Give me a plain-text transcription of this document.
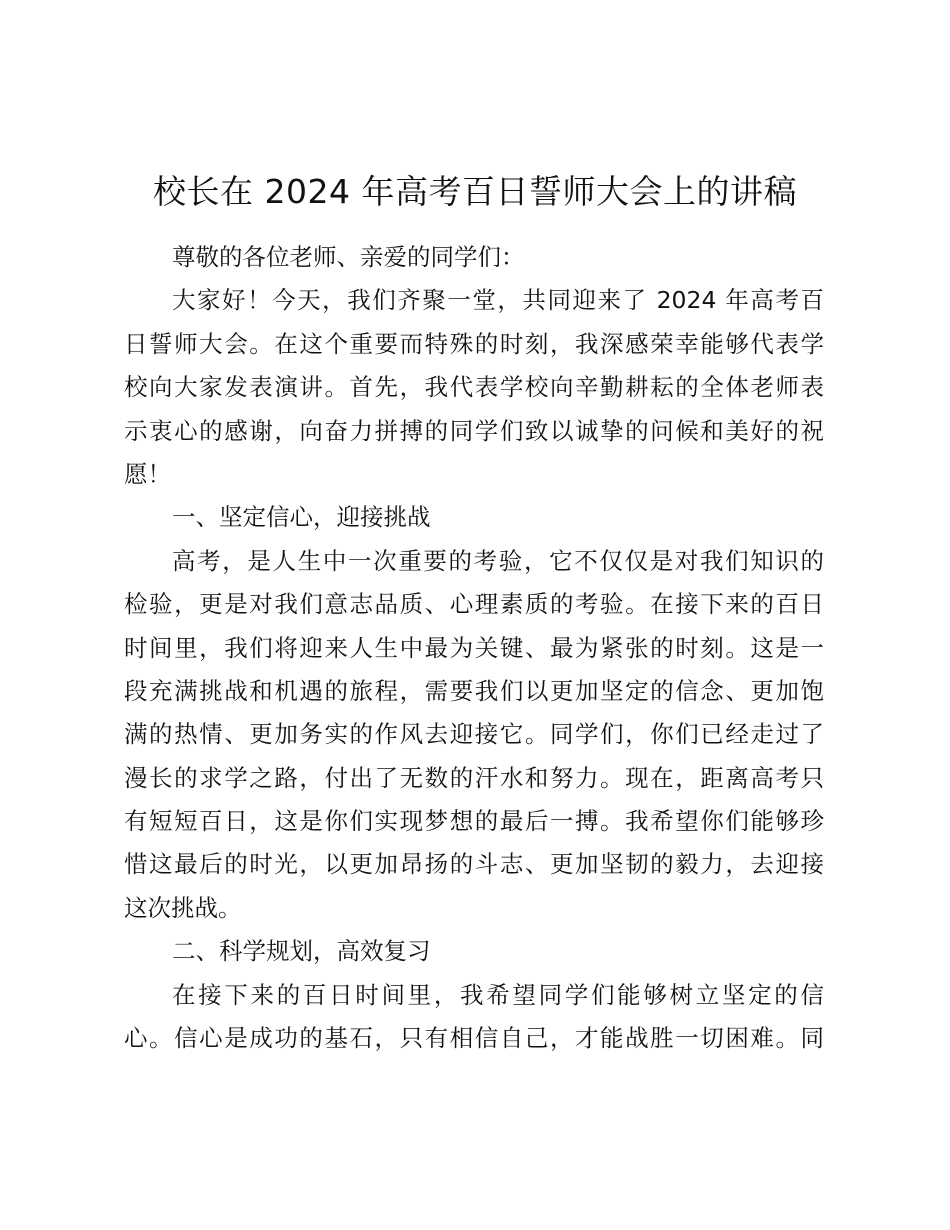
校长在 2024 年高考百日誓师大会上的讲稿
尊敬的各位老师、亲爱的同学们：
大家好！今天，我们齐聚一堂，共同迎来了 2024 年高考百
日誓师大会。在这个重要而特殊的时刻，我深感荣幸能够代表学
校向大家发表演讲。首先，我代表学校向辛勤耕耘的全体老师表
示衷心的感谢，向奋力拼搏的同学们致以诚挚的问候和美好的祝
愿！
一、坚定信心，迎接挑战
高考，是人生中一次重要的考验，它不仅仅是对我们知识的
检验，更是对我们意志品质、心理素质的考验。在接下来的百日
时间里，我们将迎来人生中最为关键、最为紧张的时刻。这是一
段充满挑战和机遇的旅程，需要我们以更加坚定的信念、更加饱
满的热情、更加务实的作风去迎接它。同学们，你们已经走过了
漫长的求学之路，付出了无数的汗水和努力。现在，距离高考只
有短短百日，这是你们实现梦想的最后一搏。我希望你们能够珍
惜这最后的时光，以更加昂扬的斗志、更加坚韧的毅力，去迎接
这次挑战。
二、科学规划，高效复习
在接下来的百日时间里，我希望同学们能够树立坚定的信
心。信心是成功的基石，只有相信自己，才能战胜一切困难。同
